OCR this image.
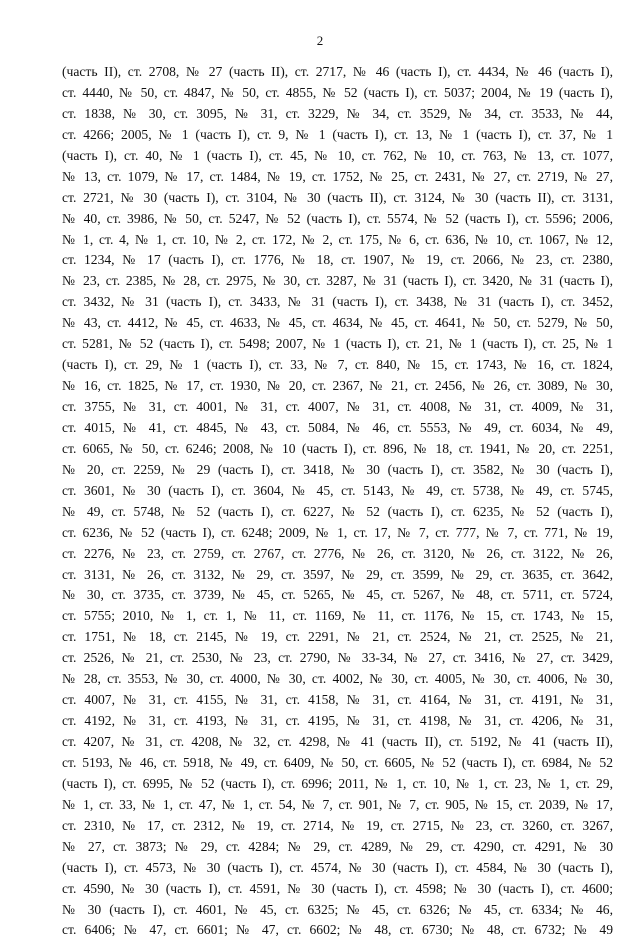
2
(часть II), ст. 2708, № 27 (часть II), ст. 2717, № 46 (часть I), ст. 4434, № 46 (часть I),
ст. 4440, № 50, ст. 4847, № 50, ст. 4855, № 52 (часть I), ст. 5037; 2004, № 19 (часть I),
ст. 1838, № 30, ст. 3095, № 31, ст. 3229, № 34, ст. 3529, № 34, ст. 3533, № 44,
ст. 4266; 2005, № 1 (часть I), ст. 9, № 1 (часть I), ст. 13, № 1 (часть I), ст. 37, № 1
(часть I), ст. 40, № 1 (часть I), ст. 45, № 10, ст. 762, № 10, ст. 763, № 13, ст. 1077,
№ 13, ст. 1079, № 17, ст. 1484, № 19, ст. 1752, № 25, ст. 2431, № 27, ст. 2719, № 27,
ст. 2721, № 30 (часть I), ст. 3104, № 30 (часть II), ст. 3124, № 30 (часть II), ст. 3131,
№ 40, ст. 3986, № 50, ст. 5247, № 52 (часть I), ст. 5574, № 52 (часть I), ст. 5596; 2006,
№ 1, ст. 4, № 1, ст. 10, № 2, ст. 172, № 2, ст. 175, № 6, ст. 636, № 10, ст. 1067, № 12,
ст. 1234, № 17 (часть I), ст. 1776, № 18, ст. 1907, № 19, ст. 2066, № 23, ст. 2380,
№ 23, ст. 2385, № 28, ст. 2975, № 30, ст. 3287, № 31 (часть I), ст. 3420, № 31 (часть I),
ст. 3432, № 31 (часть I), ст. 3433, № 31 (часть I), ст. 3438, № 31 (часть I), ст. 3452,
№ 43, ст. 4412, № 45, ст. 4633, № 45, ст. 4634, № 45, ст. 4641, № 50, ст. 5279, № 50,
ст. 5281, № 52 (часть I), ст. 5498; 2007, № 1 (часть I), ст. 21, № 1 (часть I), ст. 25, № 1
(часть I), ст. 29, № 1 (часть I), ст. 33, № 7, ст. 840, № 15, ст. 1743, № 16, ст. 1824,
№ 16, ст. 1825, № 17, ст. 1930, № 20, ст. 2367, № 21, ст. 2456, № 26, ст. 3089, № 30,
ст. 3755, № 31, ст. 4001, № 31, ст. 4007, № 31, ст. 4008, № 31, ст. 4009, № 31,
ст. 4015, № 41, ст. 4845, № 43, ст. 5084, № 46, ст. 5553, № 49, ст. 6034, № 49,
ст. 6065, № 50, ст. 6246; 2008, № 10 (часть I), ст. 896, № 18, ст. 1941, № 20, ст. 2251,
№ 20, ст. 2259, № 29 (часть I), ст. 3418, № 30 (часть I), ст. 3582, № 30 (часть I),
ст. 3601, № 30 (часть I), ст. 3604, № 45, ст. 5143, № 49, ст. 5738, № 49, ст. 5745,
№ 49, ст. 5748, № 52 (часть I), ст. 6227, № 52 (часть I), ст. 6235, № 52 (часть I),
ст. 6236, № 52 (часть I), ст. 6248; 2009, № 1, ст. 17, № 7, ст. 777, № 7, ст. 771, № 19,
ст. 2276, № 23, ст. 2759, ст. 2767, ст. 2776, № 26, ст. 3120, № 26, ст. 3122, № 26,
ст. 3131, № 26, ст. 3132, № 29, ст. 3597, № 29, ст. 3599, № 29, ст. 3635, ст. 3642,
№ 30, ст. 3735, ст. 3739, № 45, ст. 5265, № 45, ст. 5267, № 48, ст. 5711, ст. 5724,
ст. 5755; 2010, № 1, ст. 1, № 11, ст. 1169, № 11, ст. 1176, № 15, ст. 1743, № 15,
ст. 1751, № 18, ст. 2145, № 19, ст. 2291, № 21, ст. 2524, № 21, ст. 2525, № 21,
ст. 2526, № 21, ст. 2530, № 23, ст. 2790, № 33-34, № 27, ст. 3416, № 27, ст. 3429,
№ 28, ст. 3553, № 30, ст. 4000, № 30, ст. 4002, № 30, ст. 4005, № 30, ст. 4006, № 30,
ст. 4007, № 31, ст. 4155, № 31, ст. 4158, № 31, ст. 4164, № 31, ст. 4191, № 31,
ст. 4192, № 31, ст. 4193, № 31, ст. 4195, № 31, ст. 4198, № 31, ст. 4206, № 31,
ст. 4207, № 31, ст. 4208, № 32, ст. 4298, № 41 (часть II), ст. 5192, № 41 (часть II),
ст. 5193, № 46, ст. 5918, № 49, ст. 6409, № 50, ст. 6605, № 52 (часть I), ст. 6984, № 52
(часть I), ст. 6995, № 52 (часть I), ст. 6996; 2011, № 1, ст. 10, № 1, ст. 23, № 1, ст. 29,
№ 1, ст. 33, № 1, ст. 47, № 1, ст. 54, № 7, ст. 901, № 7, ст. 905, № 15, ст. 2039, № 17,
ст. 2310, № 17, ст. 2312, № 19, ст. 2714, № 19, ст. 2715, № 23, ст. 3260, ст. 3267,
№ 27, ст. 3873; № 29, ст. 4284; № 29, ст. 4289, № 29, ст. 4290, ст. 4291, № 30
(часть I), ст. 4573, № 30 (часть I), ст. 4574, № 30 (часть I), ст. 4584, № 30 (часть I),
ст. 4590, № 30 (часть I), ст. 4591, № 30 (часть I), ст. 4598; № 30 (часть I), ст. 4600;
№ 30 (часть I), ст. 4601, № 45, ст. 6325; № 45, ст. 6326; № 45, ст. 6334; № 46,
ст. 6406; № 47, ст. 6601; № 47, ст. 6602; № 48, ст. 6730; № 48, ст. 6732; № 49
